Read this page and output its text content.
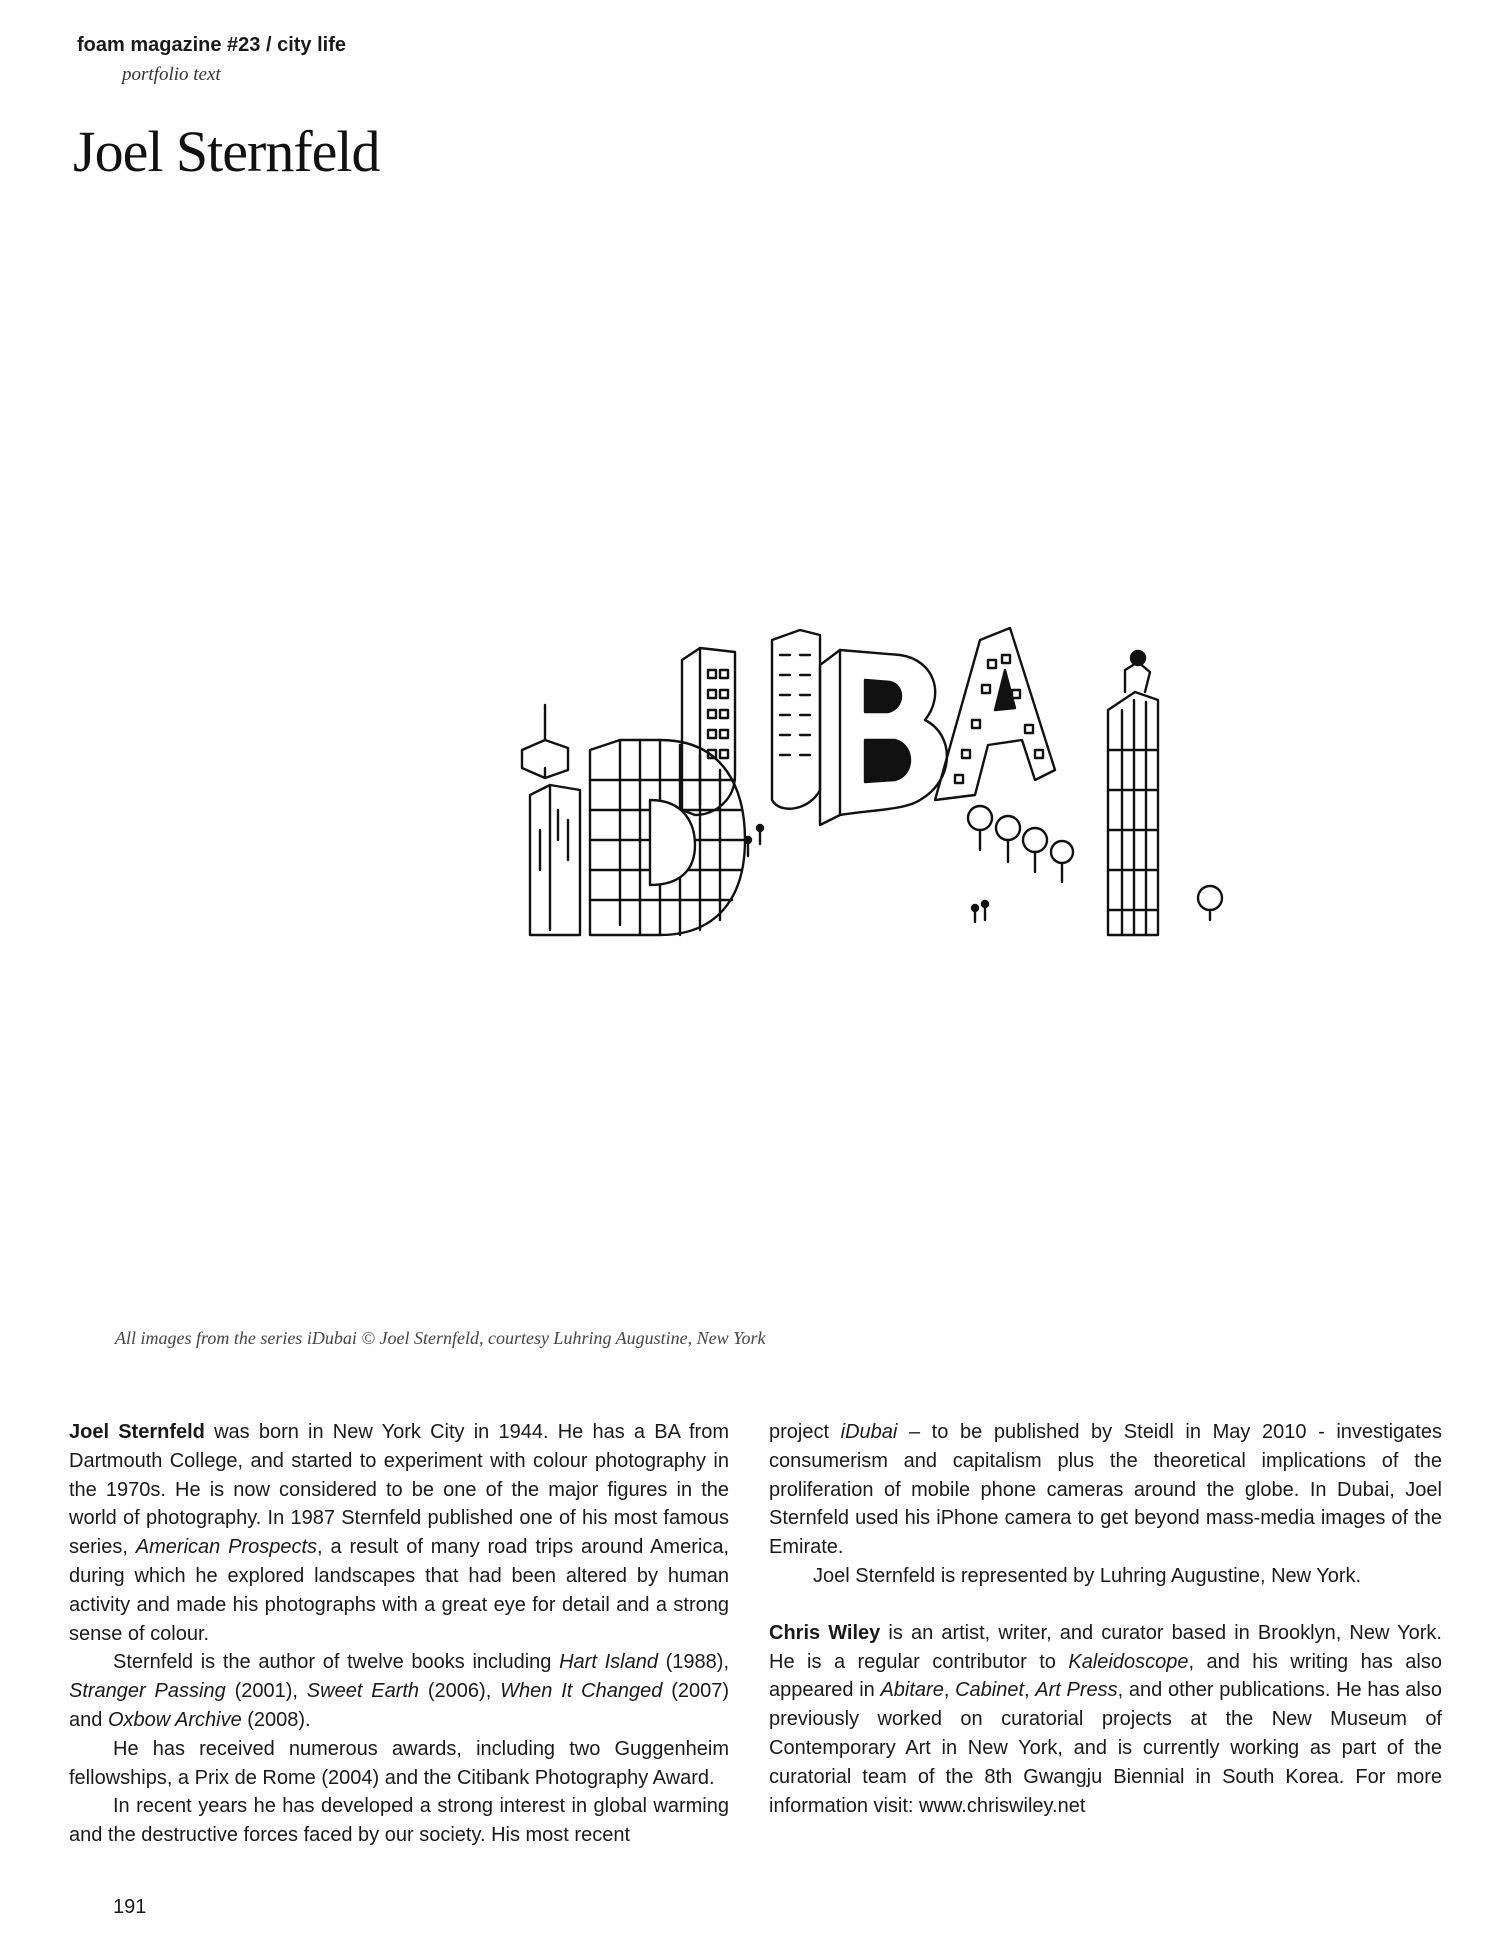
foam magazine #23 / city life
portfolio text
Joel Sternfeld
All images from the series iDubai © Joel Sternfeld, courtesy Luhring Augustine, New York

Joel Sternfeld was born in New York City in 1944. He has a BA from Dartmouth College, and started to experiment with colour photography in the 1970s. He is now considered to be one of the major figures in the world of photography. In 1987 Sternfeld published one of his most famous series, American Prospects, a result of many road trips around America, during which he explored landscapes that had been altered by human activity and made his photographs with a great eye for detail and a strong sense of colour.

Sternfeld is the author of twelve books including Hart Island (1988), Stranger Passing (2001), Sweet Earth (2006), When It Changed (2007) and Oxbow Archive (2008).

He has received numerous awards, including two Guggenheim fellowships, a Prix de Rome (2004) and the Citibank Photography Award.

In recent years he has developed a strong interest in global warming and the destructive forces faced by our society. His most recent

project iDubai – to be published by Steidl in May 2010 - investigates consumerism and capitalism plus the theoretical implications of the proliferation of mobile phone cameras around the globe. In Dubai, Joel Sternfeld used his iPhone camera to get beyond mass-media images of the Emirate.

Joel Sternfeld is represented by Luhring Augustine, New York.

Chris Wiley is an artist, writer, and curator based in Brooklyn, New York. He is a regular contributor to Kaleidoscope, and his writing has also appeared in Abitare, Cabinet, Art Press, and other publications. He has also previously worked on curatorial projects at the New Museum of Contemporary Art in New York, and is currently working as part of the curatorial team of the 8th Gwangju Biennial in South Korea. For more information visit: www.chriswiley.net

191
